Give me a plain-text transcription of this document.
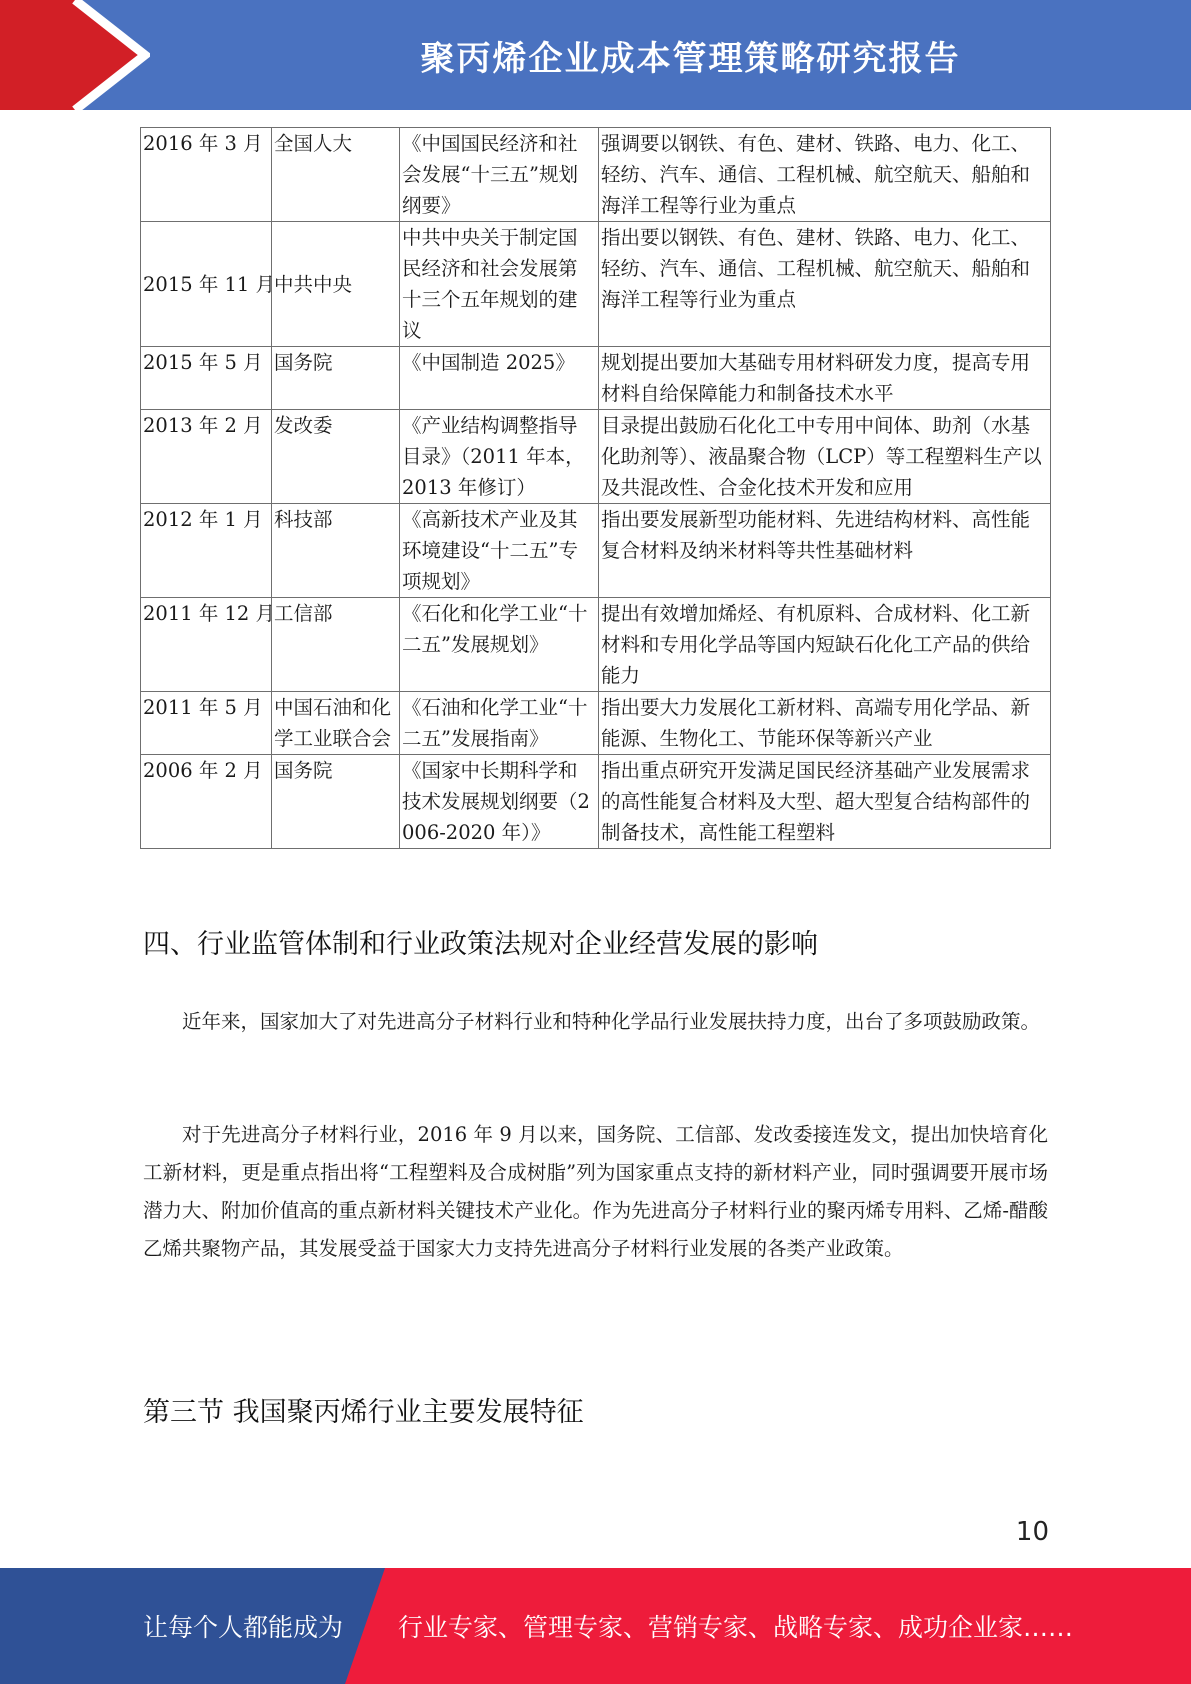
聚丙烯企业成本管理策略研究报告
2016 年 3 月	全国人大	《中国国民经济和社会发展“十三五”规划纲要》	强调要以钢铁、有色、建材、铁路、电力、化工、轻纺、汽车、通信、工程机械、航空航天、船舶和海洋工程等行业为重点
2015 年 11 月	中共中央	中共中央关于制定国民经济和社会发展第十三个五年规划的建议	指出要以钢铁、有色、建材、铁路、电力、化工、轻纺、汽车、通信、工程机械、航空航天、船舶和海洋工程等行业为重点
2015 年 5 月	国务院	《中国制造 2025》	规划提出要加大基础专用材料研发力度，提高专用材料自给保障能力和制备技术水平
2013 年 2 月	发改委	《产业结构调整指导目录》（2011 年本，2013 年修订）	目录提出鼓励石化化工中专用中间体、助剂（水基化助剂等）、液晶聚合物（LCP）等工程塑料生产以及共混改性、合金化技术开发和应用
2012 年 1 月	科技部	《高新技术产业及其环境建设“十二五”专项规划》	指出要发展新型功能材料、先进结构材料、高性能复合材料及纳米材料等共性基础材料
2011 年 12 月	工信部	《石化和化学工业“十二五”发展规划》	提出有效增加烯烃、有机原料、合成材料、化工新材料和专用化学品等国内短缺石化化工产品的供给能力
2011 年 5 月	中国石油和化学工业联合会	《石油和化学工业“十二五”发展指南》	指出要大力发展化工新材料、高端专用化学品、新能源、生物化工、节能环保等新兴产业
2006 年 2 月	国务院	《国家中长期科学和技术发展规划纲要（2006-2020 年）》	指出重点研究开发满足国民经济基础产业发展需求的高性能复合材料及大型、超大型复合结构部件的制备技术，高性能工程塑料
四、行业监管体制和行业政策法规对企业经营发展的影响

近年来，国家加大了对先进高分子材料行业和特种化学品行业发展扶持力度，出台了多项鼓励政策。

对于先进高分子材料行业，2016 年 9 月以来，国务院、工信部、发改委接连发文，提出加快培育化工新材料，更是重点指出将“工程塑料及合成树脂”列为国家重点支持的新材料产业，同时强调要开展市场潜力大、附加价值高的重点新材料关键技术产业化。作为先进高分子材料行业的聚丙烯专用料、乙烯-醋酸乙烯共聚物产品，其发展受益于国家大力支持先进高分子材料行业发展的各类产业政策。

第三节 我国聚丙烯行业主要发展特征
10
让每个人都能成为 行业专家、管理专家、营销专家、战略专家、成功企业家……
